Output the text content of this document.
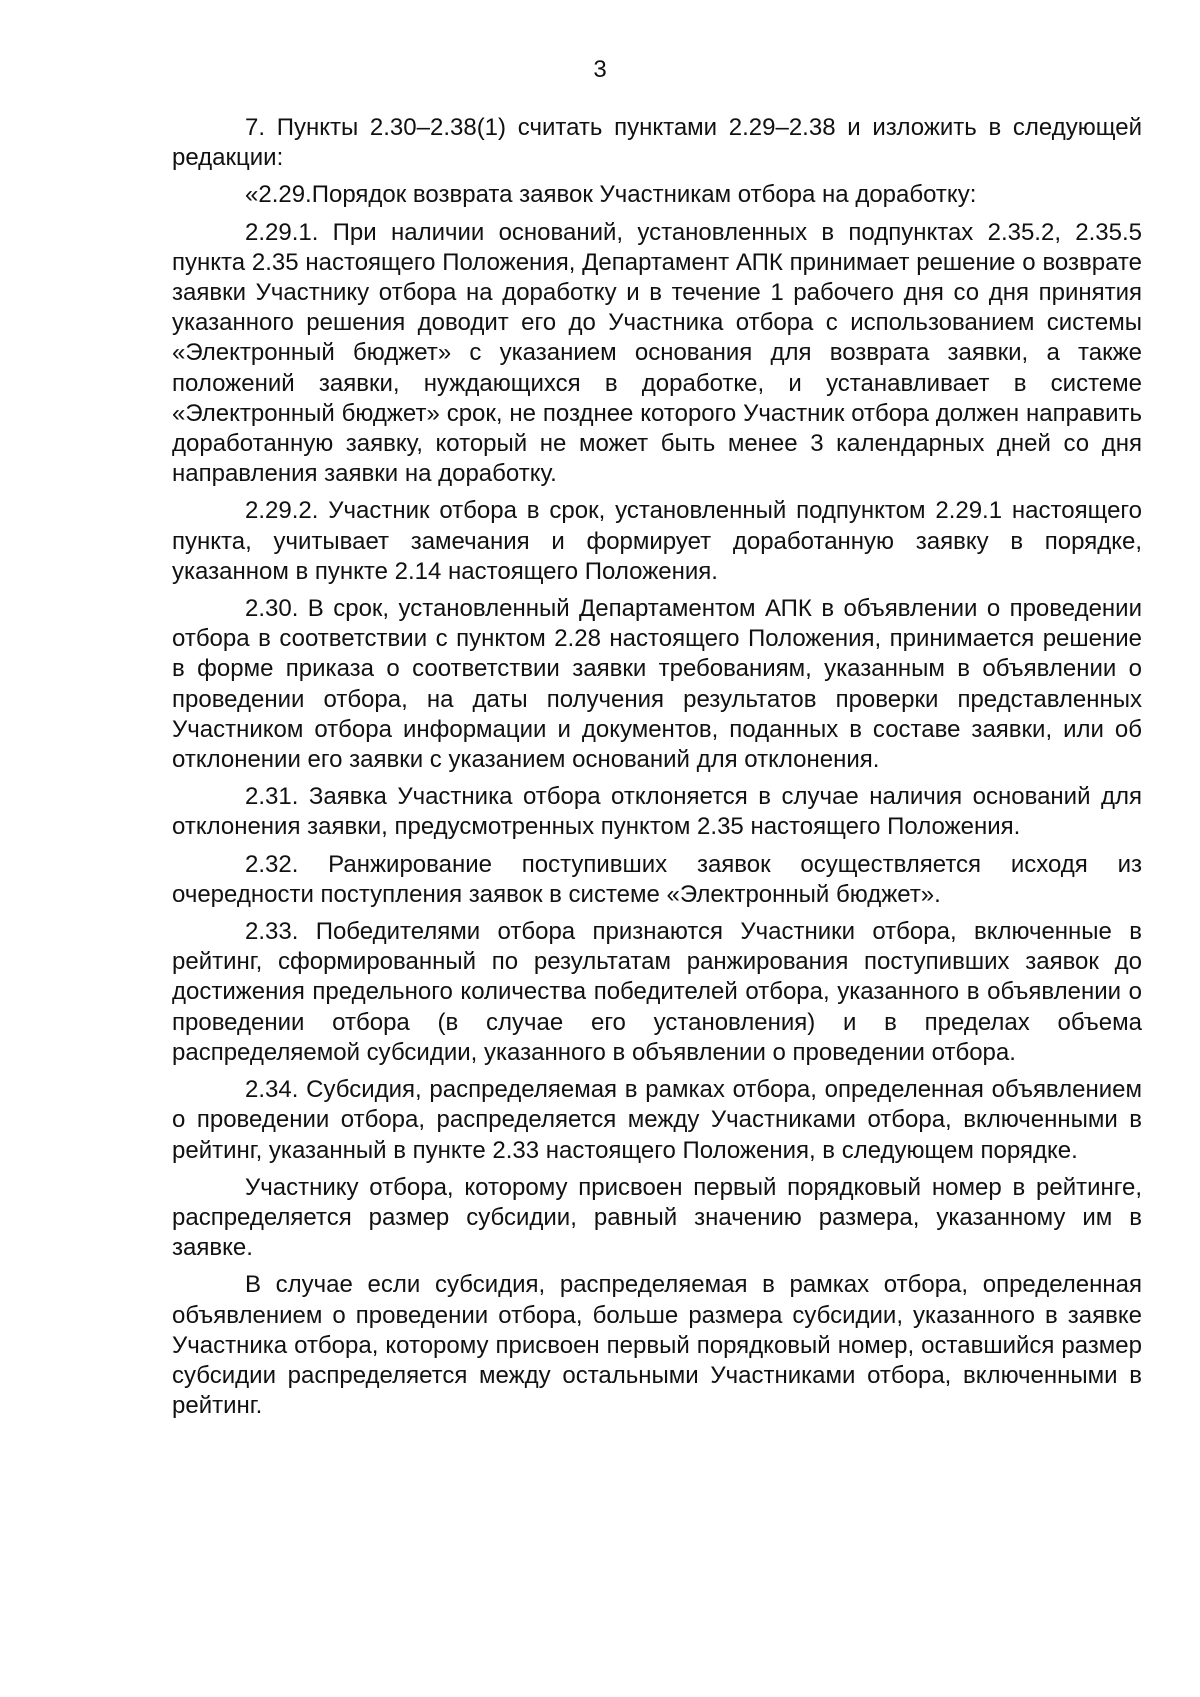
3

7. Пункты 2.30–2.38(1) считать пунктами 2.29–2.38 и изложить в следующей редакции:

«2.29.Порядок возврата заявок Участникам отбора на доработку:

2.29.1. При наличии оснований, установленных в подпунктах 2.35.2, 2.35.5 пункта 2.35 настоящего Положения, Департамент АПК принимает решение о возврате заявки Участнику отбора на доработку и в течение 1 рабочего дня со дня принятия указанного решения доводит его до Участника отбора с использованием системы «Электронный бюджет» с указанием основания для возврата заявки, а также положений заявки, нуждающихся в доработке, и устанавливает в системе «Электронный бюджет» срок, не позднее которого Участник отбора должен направить доработанную заявку, который не может быть менее 3 календарных дней со дня направления заявки на доработку.

2.29.2. Участник отбора в срок, установленный подпунктом 2.29.1 настоящего пункта, учитывает замечания и формирует доработанную заявку в порядке, указанном в пункте 2.14 настоящего Положения.

2.30. В срок, установленный Департаментом АПК в объявлении о проведении отбора в соответствии с пунктом 2.28 настоящего Положения, принимается решение в форме приказа о соответствии заявки требованиям, указанным в объявлении о проведении отбора, на даты получения результатов проверки представленных Участником отбора информации и документов, поданных в составе заявки, или об отклонении его заявки с указанием оснований для отклонения.

2.31. Заявка Участника отбора отклоняется в случае наличия оснований для отклонения заявки, предусмотренных пунктом 2.35 настоящего Положения.

2.32. Ранжирование поступивших заявок осуществляется исходя из очередности поступления заявок в системе «Электронный бюджет».

2.33. Победителями отбора признаются Участники отбора, включенные в рейтинг, сформированный по результатам ранжирования поступивших заявок до достижения предельного количества победителей отбора, указанного в объявлении о проведении отбора (в случае его установления) и в пределах объема распределяемой субсидии, указанного в объявлении о проведении отбора.

2.34. Субсидия, распределяемая в рамках отбора, определенная объявлением о проведении отбора, распределяется между Участниками отбора, включенными в рейтинг, указанный в пункте 2.33 настоящего Положения, в следующем порядке.

Участнику отбора, которому присвоен первый порядковый номер в рейтинге, распределяется размер субсидии, равный значению размера, указанному им в заявке.

В случае если субсидия, распределяемая в рамках отбора, определенная объявлением о проведении отбора, больше размера субсидии, указанного в заявке Участника отбора, которому присвоен первый порядковый номер, оставшийся размер субсидии распределяется между остальными Участниками отбора, включенными в рейтинг.
